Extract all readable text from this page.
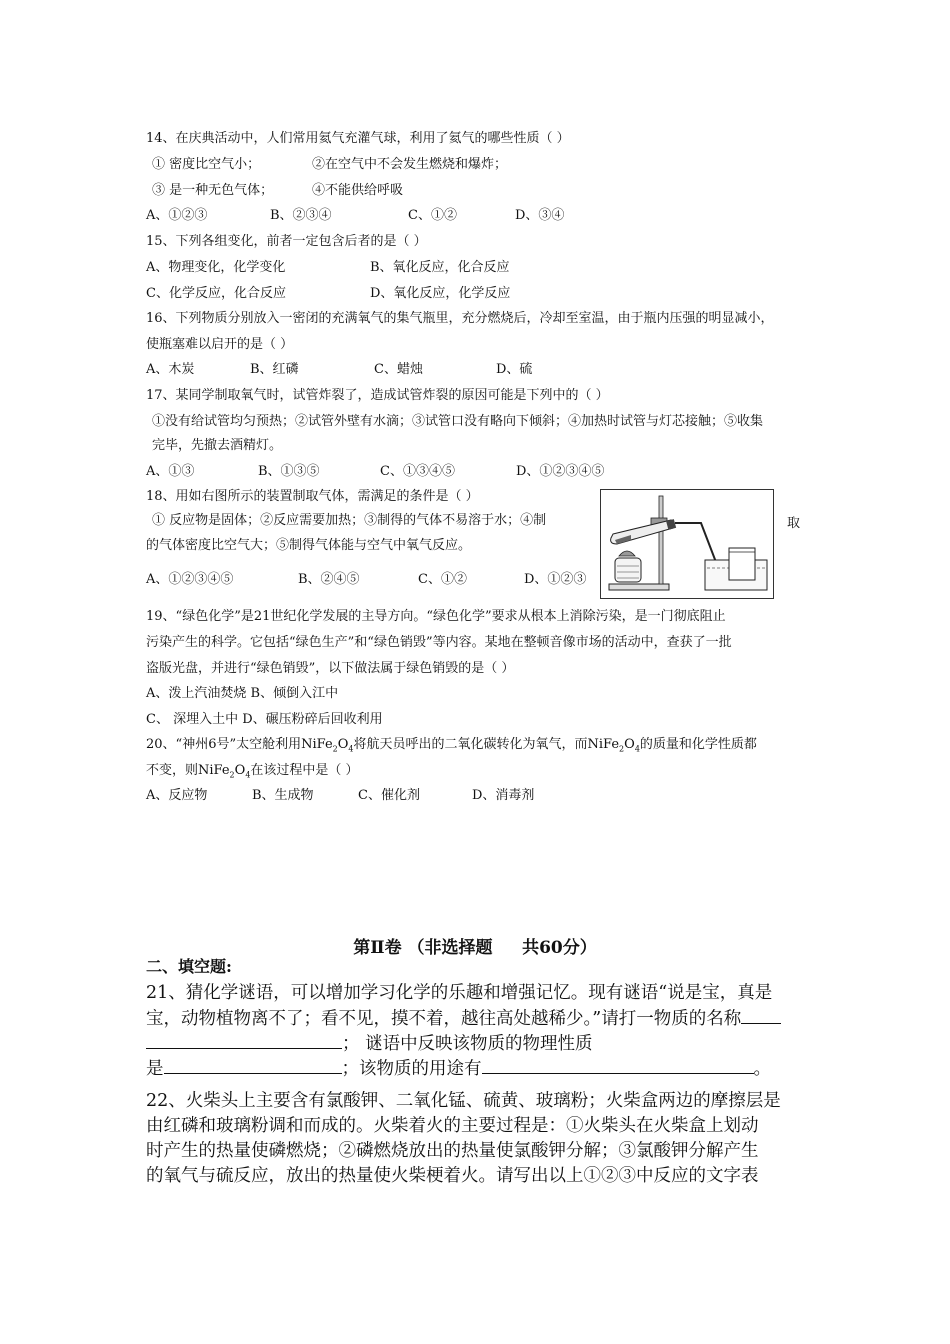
14、在庆典活动中，人们常用氦气充灌气球，利用了氦气的哪些性质（ ）
① 密度比空气小；	②在空气中不会发生燃烧和爆炸；
③ 是一种无色气体；	④不能供给呼吸
A、①②③	B、②③④	C、①②	D、③④
15、下列各组变化，前者一定包含后者的是（ ）
A、物理变化，化学变化	B、氧化反应，化合反应
C、化学反应，化合反应	D、氧化反应，化学反应
16、下列物质分别放入一密闭的充满氧气的集气瓶里，充分燃烧后，冷却至室温，由于瓶内压强的明显减小，
使瓶塞难以启开的是（ ）
A、木炭	B、红磷	C、蜡烛	D、硫
17、某同学制取氧气时，试管炸裂了，造成试管炸裂的原因可能是下列中的（ ）
①没有给试管均匀预热；②试管外壁有水滴；③试管口没有略向下倾斜；④加热时试管与灯芯接触；⑤收集
完毕，先撤去酒精灯。
A、①③	B、①③⑤	C、①③④⑤	D、①②③④⑤
18、用如右图所示的装置制取气体，需满足的条件是（ ）
① 反应物是固体；②反应需要加热；③制得的气体不易溶于水；④制	取
的气体密度比空气大；⑤制得气体能与空气中氧气反应。
A、①②③④⑤	B、②④⑤	C、①②	D、①②③
19、“绿色化学”是21世纪化学发展的主导方向。“绿色化学”要求从根本上消除污染，是一门彻底阻止
污染产生的科学。它包括“绿色生产”和“绿色销毁”等内容。某地在整顿音像市场的活动中，查获了一批
盗版光盘，并进行“绿色销毁”，以下做法属于绿色销毁的是（ ）
A、泼上汽油焚烧 B、倾倒入江中
C、 深埋入土中 D、碾压粉碎后回收利用
20、“神州6号”太空舱利用$NiFe_2O_4$将航天员呼出的二氧化碳转化为氧气，而$NiFe_2O_4$的质量和化学性质都
不变，则$NiFe_2O_4$在该过程中是（ ）
A、反应物	B、生成物	C、催化剂	D、消毒剂
第Ⅱ卷 （非选择题     共60分）
二、填空题:
21、猜化学谜语，可以增加学习化学的乐趣和增强记忆。现有谜语“说是宝，真是
宝，动物植物离不了；看不见，摸不着，越往高处越稀少。”请打一物质的名称
； 谜语中反映该物质的物理性质
是	；该物质的用途有	。
22、火柴头上主要含有氯酸钾、二氧化锰、硫黄、玻璃粉；火柴盒两边的摩擦层是
由红磷和玻璃粉调和而成的。火柴着火的主要过程是：①火柴头在火柴盒上划动
时产生的热量使磷燃烧；②磷燃烧放出的热量使氯酸钾分解；③氯酸钾分解产生
的氧气与硫反应，放出的热量使火柴梗着火。请写出以上①②③中反应的文字表
